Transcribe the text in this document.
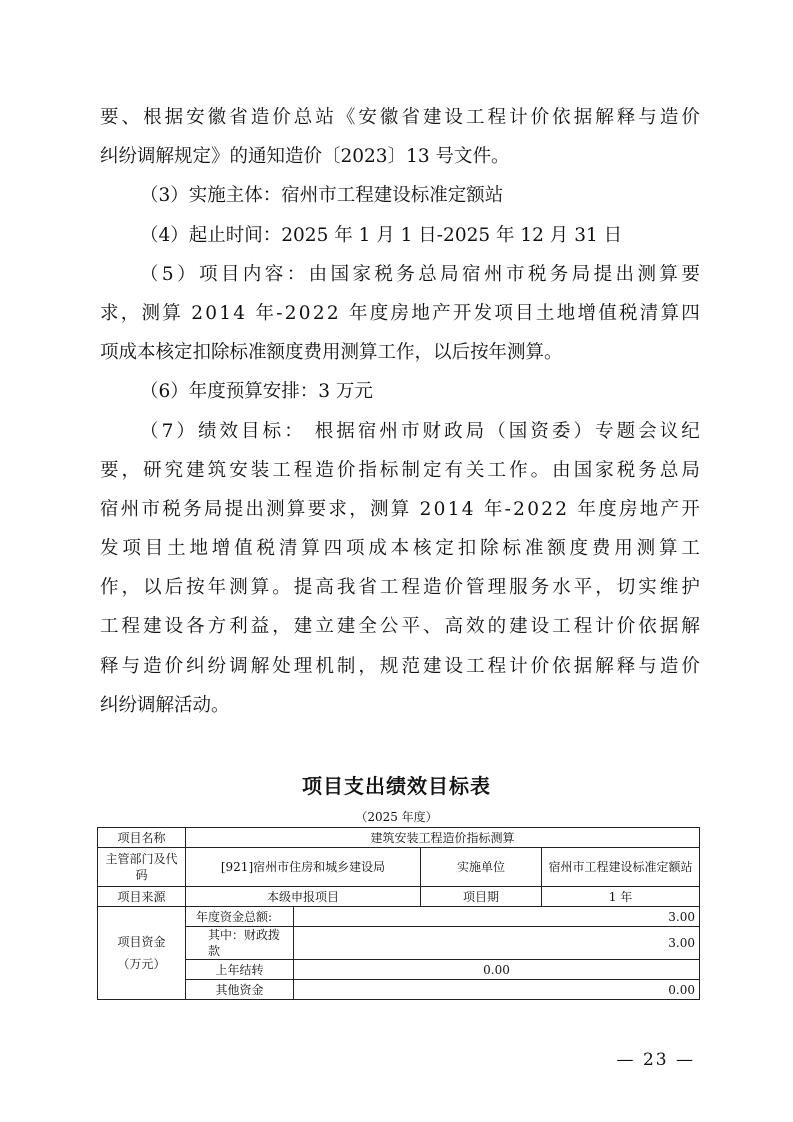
要 、 根 据 安 徽 省 造 价 总 站 《 安 徽 省 建 设 工 程 计 价 依 据 解 释 与 造 价
纠纷调解规定》的通知造价〔2023〕13 号文件。
（3）实施主体：宿州市工程建设标准定额站
（4）起止时间：2025 年 1 月 1 日-2025 年 12 月 31 日
（ 5 ） 项 目 内 容 ： 由 国 家 税 务 总 局 宿 州 市 税 务 局 提 出 测 算 要
求 ， 测 算
2 0 1 4
年 - 2 0 2 2
年 度 房 地 产 开 发 项 目 土 地 增 值 税 清 算 四
项成本核定扣除标准额度费用测算工作，以后按年测算。
（6）年度预算安排：3 万元
（ 7 ） 绩 效 目 标 ：
根 据 宿 州 市 财 政 局 （ 国 资 委 ） 专 题 会 议 纪
要 ， 研 究 建 筑 安 装 工 程 造 价 指 标 制 定 有 关 工 作 。 由 国 家 税 务 总 局
宿 州 市 税 务 局 提 出 测 算 要 求 ， 测 算
2 0 1 4
年 - 2 0 2 2
年 度 房 地 产 开
发 项 目 土 地 增 值 税 清 算 四 项 成 本 核 定 扣 除 标 准 额 度 费 用 测 算 工
作 ， 以 后 按 年 测 算 。 提 高 我 省 工 程 造 价 管 理 服 务 水 平 ， 切 实 维 护
工 程 建 设 各 方 利 益 ， 建 立 建 全 公 平 、 高 效 的 建 设 工 程 计 价 依 据 解
释 与 造 价 纠 纷 调 解 处 理 机 制 ， 规 范 建 设 工 程 计 价 依 据 解 释 与 造 价
纠纷调解活动。
项目支出绩效目标表
（2025 年度）
项目名称	建筑安装工程造价指标测算			
主管部门及代码	[921]宿州市住房和城乡建设局		实施单位	宿州市工程建设标准定额站
项目来源	本级申报项目		项目期	1 年

项目资金
（万元）	年度资金总额:	3.00		
	其中：财政拨款	3.00		
	上年结转	0.00		
	其他资金	0.00		
— 23 —
